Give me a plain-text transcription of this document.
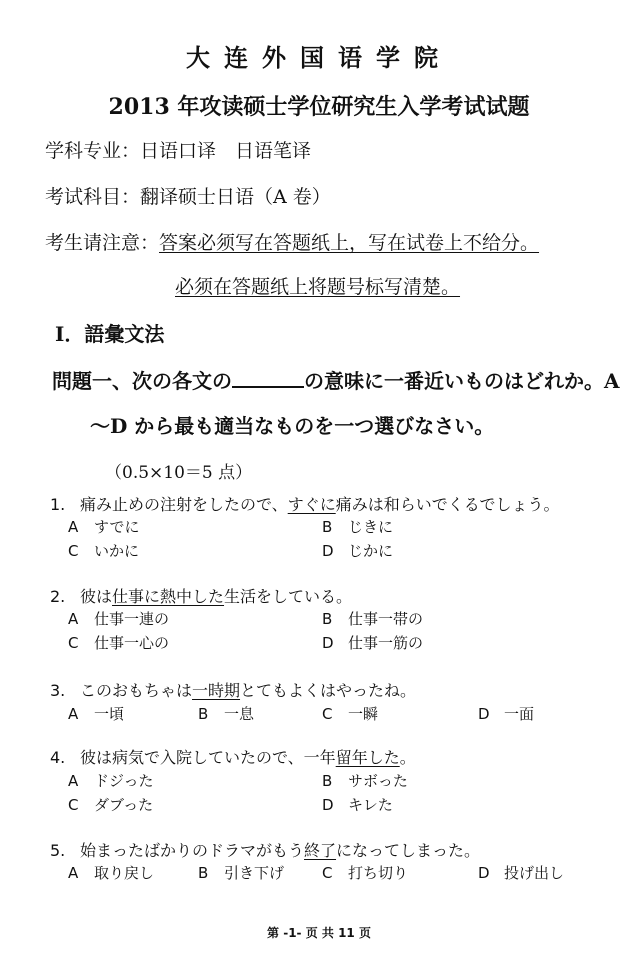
大连外国语学院
2013 年攻读硕士学位研究生入学考试试题
学科专业：日语口译　日语笔译
考试科目：翻译硕士日语（A 卷）
考生请注意：答案必须写在答题纸上，写在试卷上不给分。
必须在答题纸上将题号标写清楚。
Ⅰ．語彙文法
問題一、次の各文の	の意味に一番近いものはどれか。A
～D から最も適当なものを一つ選びなさい。
（0.5×10＝5 点）
1. 痛み止めの注射をしたので、すぐに痛みは和らいでくるでしょう。
A すでに	B じきに
C いかに	D じかに
2. 彼は仕事に熱中した生活をしている。
A 仕事一連の	B 仕事一帯の
C 仕事一心の	D 仕事一筋の
3. このおもちゃは一時期とてもよくはやったね。
A 一頃	B 一息	C 一瞬	D 一面
4. 彼は病気で入院していたので、一年留年した。
A ドジった	B サボった
C ダブった	D キレた
5. 始まったばかりのドラマがもう終了になってしまった。
A 取り戻し	B 引き下げ	C 打ち切り	D 投げ出し
第 -1- 页 共 11 页
